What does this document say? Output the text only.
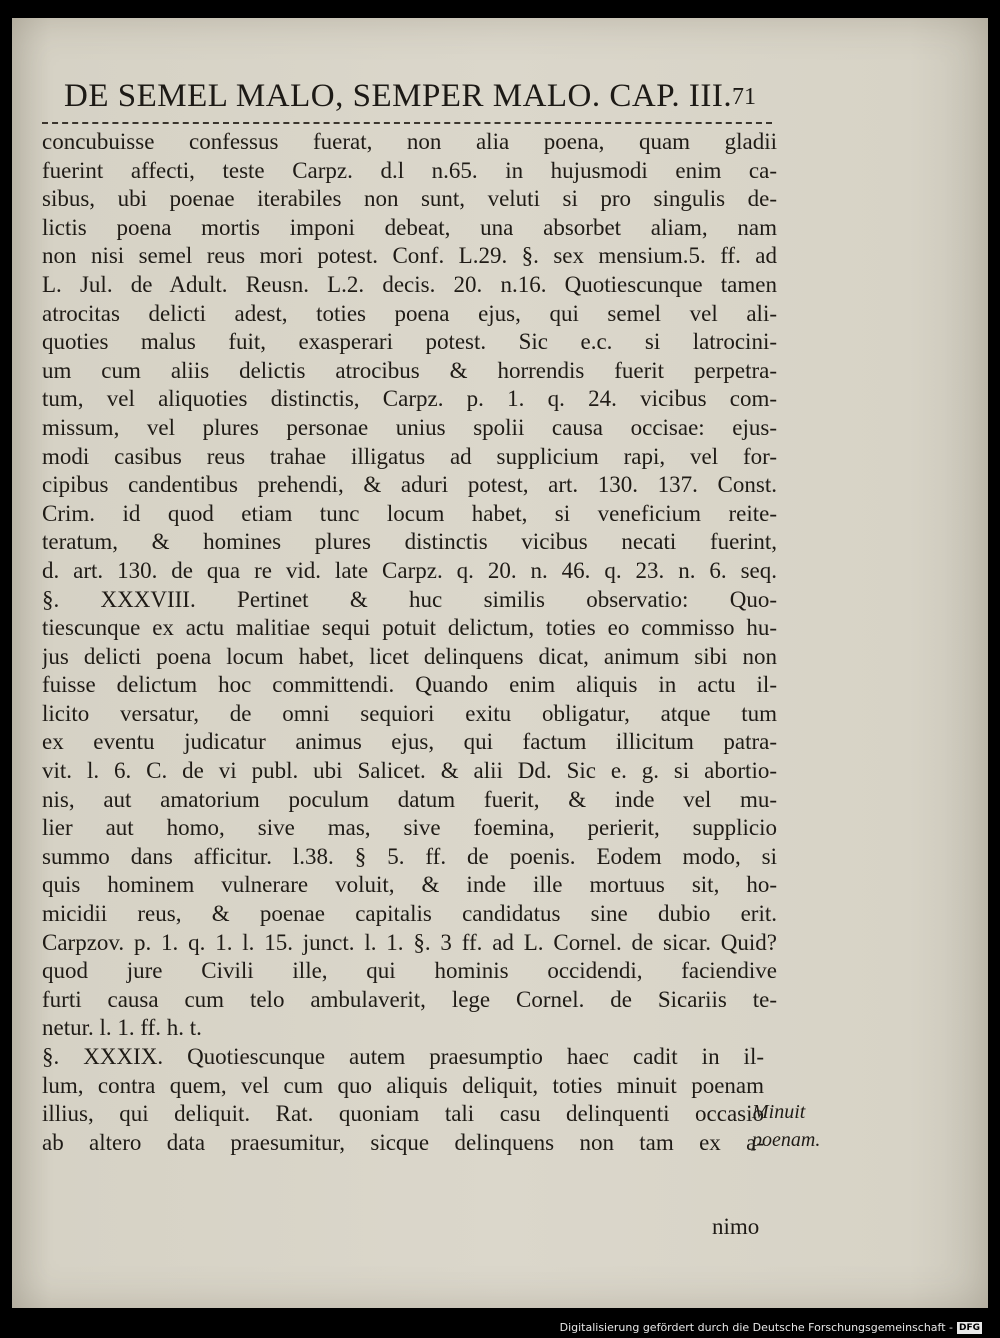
DE SEMEL MALO, SEMPER MALO. CAP. III. 71
concubuisse confessus fuerat, non alia poena, quam gladii
fuerint affecti, teste Carpz. d.l n.65. in hujusmodi enim ca-
sibus, ubi poenae iterabiles non sunt, veluti si pro singulis de-
lictis poena mortis imponi debeat, una absorbet aliam, nam
non nisi semel reus mori potest. Conf. L.29. §. sex mensium.5. ff. ad
L. Jul. de Adult. Reusn. L.2. decis. 20. n.16. Quotiescunque tamen
atrocitas delicti adest, toties poena ejus, qui semel vel ali-
quoties malus fuit, exasperari potest. Sic e.c. si latrocini-
um cum aliis delictis atrocibus & horrendis fuerit perpetra-
tum, vel aliquoties distinctis, Carpz. p. 1. q. 24. vicibus com-
missum, vel plures personae unius spolii causa occisae: ejus-
modi casibus reus trahae illigatus ad supplicium rapi, vel for-
cipibus candentibus prehendi, & aduri potest, art. 130. 137. Const.
Crim. id quod etiam tunc locum habet, si veneficium reite-
teratum, & homines plures distinctis vicibus necati fuerint,
d. art. 130. de qua re vid. late Carpz. q. 20. n. 46. q. 23. n. 6. seq.
§. XXXVIII. Pertinet & huc similis observatio: Quo-
tiescunque ex actu malitiae sequi potuit delictum, toties eo commisso hu-
jus delicti poena locum habet, licet delinquens dicat, animum sibi non
fuisse delictum hoc committendi. Quando enim aliquis in actu il-
licito versatur, de omni sequiori exitu obligatur, atque tum
ex eventu judicatur animus ejus, qui factum illicitum patra-
vit. l. 6. C. de vi publ. ubi Salicet. & alii Dd. Sic e. g. si abortio-
nis, aut amatorium poculum datum fuerit, & inde vel mu-
lier aut homo, sive mas, sive foemina, perierit, supplicio
summo dans afficitur. l.38. § 5. ff. de poenis. Eodem modo, si
quis hominem vulnerare voluit, & inde ille mortuus sit, ho-
micidii reus, & poenae capitalis candidatus sine dubio erit.
Carpzov. p. 1. q. 1. l. 15. junct. l. 1. §. 3 ff. ad L. Cornel. de sicar. Quid?
quod jure Civili ille, qui hominis occidendi, faciendive
furti causa cum telo ambulaverit, lege Cornel. de Sicariis te-
netur. l. 1. ff. h. t.
§. XXXIX. Quotiescunque autem praesumptio haec cadit in il-
lum, contra quem, vel cum quo aliquis deliquit, toties minuit poenam
illius, qui deliquit. Rat. quoniam tali casu delinquenti occasio
ab altero data praesumitur, sicque delinquens non tam ex a-
Minuit poenam.
nimo
Digitalisierung gefördert durch die Deutsche Forschungsgemeinschaft - DFG
